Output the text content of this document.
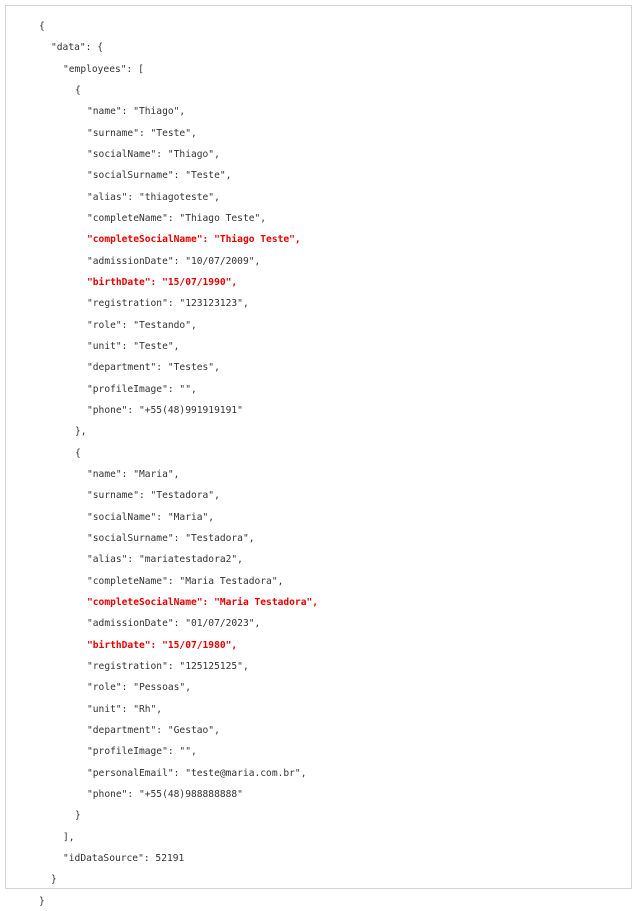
{
"data": {
"employees": [
{
"name": "Thiago",
"surname": "Teste",
"socialName": "Thiago",
"socialSurname": "Teste",
"alias": "thiagoteste",
"completeName": "Thiago Teste",
"completeSocialName": "Thiago Teste",
"admissionDate": "10/07/2009",
"birthDate": "15/07/1990",
"registration": "123123123",
"role": "Testando",
"unit": "Teste",
"department": "Testes",
"profileImage": "",
"phone": "+55(48)991919191"
},
{
"name": "Maria",
"surname": "Testadora",
"socialName": "Maria",
"socialSurname": "Testadora",
"alias": "mariatestadora2",
"completeName": "Maria Testadora",
"completeSocialName": "Maria Testadora",
"admissionDate": "01/07/2023",
"birthDate": "15/07/1980",
"registration": "125125125",
"role": "Pessoas",
"unit": "Rh",
"department": "Gestao",
"profileImage": "",
"personalEmail": "teste@maria.com.br",
"phone": "+55(48)988888888"
}
],
"idDataSource": 52191
}
}
